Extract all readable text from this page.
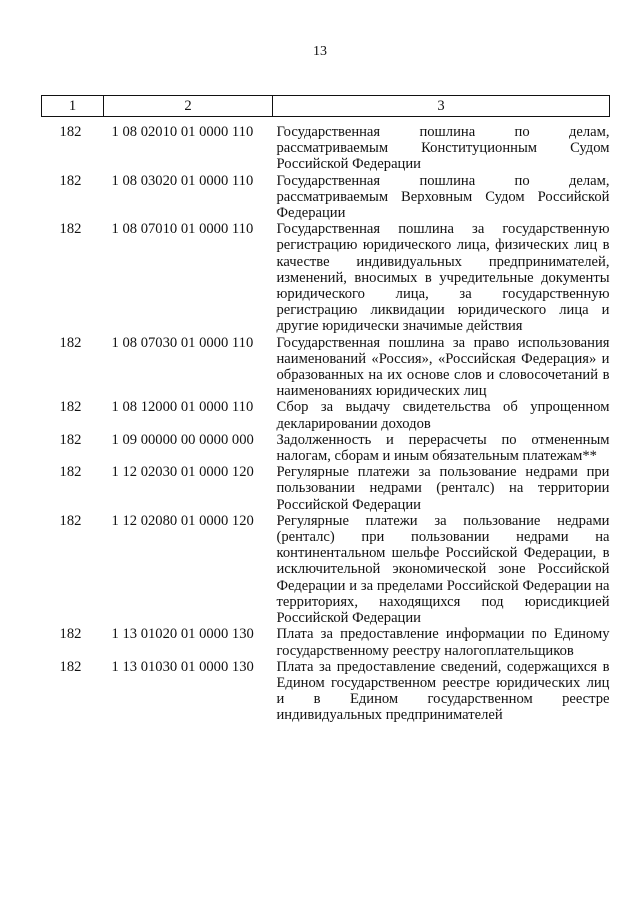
13
1	2	3
182	1 08 02010 01 0000 110	Государственная пошлина по делам, рассматриваемым Конституционным Судом Российской Федерации
182	1 08 03020 01 0000 110	Государственная пошлина по делам, рассматриваемым Верховным Судом Российской Федерации
182	1 08 07010 01 0000 110	Государственная пошлина за государственную регистрацию юридического лица, физических лиц в качестве индивидуальных предпринимателей, изменений, вносимых в учредительные документы юридического лица, за государственную регистрацию ликвидации юридического лица и другие юридически значимые действия
182	1 08 07030 01 0000 110	Государственная пошлина за право использования наименований «Россия», «Российская Федерация» и образованных на их основе слов и словосочетаний в наименованиях юридических лиц
182	1 08 12000 01 0000 110	Сбор за выдачу свидетельства об упрощенном декларировании доходов
182	1 09 00000 00 0000 000	Задолженность и перерасчеты по отмененным налогам, сборам и иным обязательным платежам**
182	1 12 02030 01 0000 120	Регулярные платежи за пользование недрами при пользовании недрами (ренталс) на территории Российской Федерации
182	1 12 02080 01 0000 120	Регулярные платежи за пользование недрами (ренталс) при пользовании недрами на континентальном шельфе Российской Федерации, в исключительной экономической зоне Российской Федерации и за пределами Российской Федерации на территориях, находящихся под юрисдикцией Российской Федерации
182	1 13 01020 01 0000 130	Плата за предоставление информации по Единому государственному реестру налогоплательщиков
182	1 13 01030 01 0000 130	Плата за предоставление сведений, содержащихся в Едином государственном реестре юридических лиц и в Едином государственном реестре индивидуальных предпринимателей
